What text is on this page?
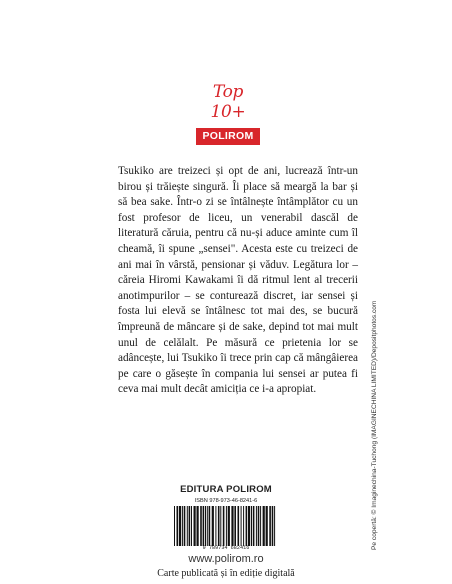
Top 10+
POLIROM

Tsukiko are treizeci și opt de ani, lucrează într-un birou și trăiește singură. Îi place să meargă la bar și să bea sake. Într-o zi se întâlnește întâmplător cu un fost profesor de liceu, un venerabil dascăl de literatură căruia, pentru că nu-și aduce aminte cum îl cheamă, îi spune „sensei". Acesta este cu treizeci de ani mai în vârstă, pensionar și văduv. Legătura lor – căreia Hiromi Kawakami îi dă ritmul lent al trecerii anotimpurilor – se conturează discret, iar sensei și fosta lui elevă se întâlnesc tot mai des, se bucură împreună de mâncare și de sake, depind tot mai mult unul de celălalt. Pe măsură ce prietenia lor se adâncește, lui Tsukiko îi trece prin cap că mângâierea pe care o găsește în compania lui sensei ar putea fi ceva mai mult decât amiciția ce i-a apropiat.	Pe copertă: © Imaginechina-Tuchong (IMAGINECHINA LIMITED)/Depositphotos.com
EDITURA POLIROM
ISBN 978-973-46-8241-6
9 789734 682416
www.polirom.ro
Carte publicată și în ediție digitală
